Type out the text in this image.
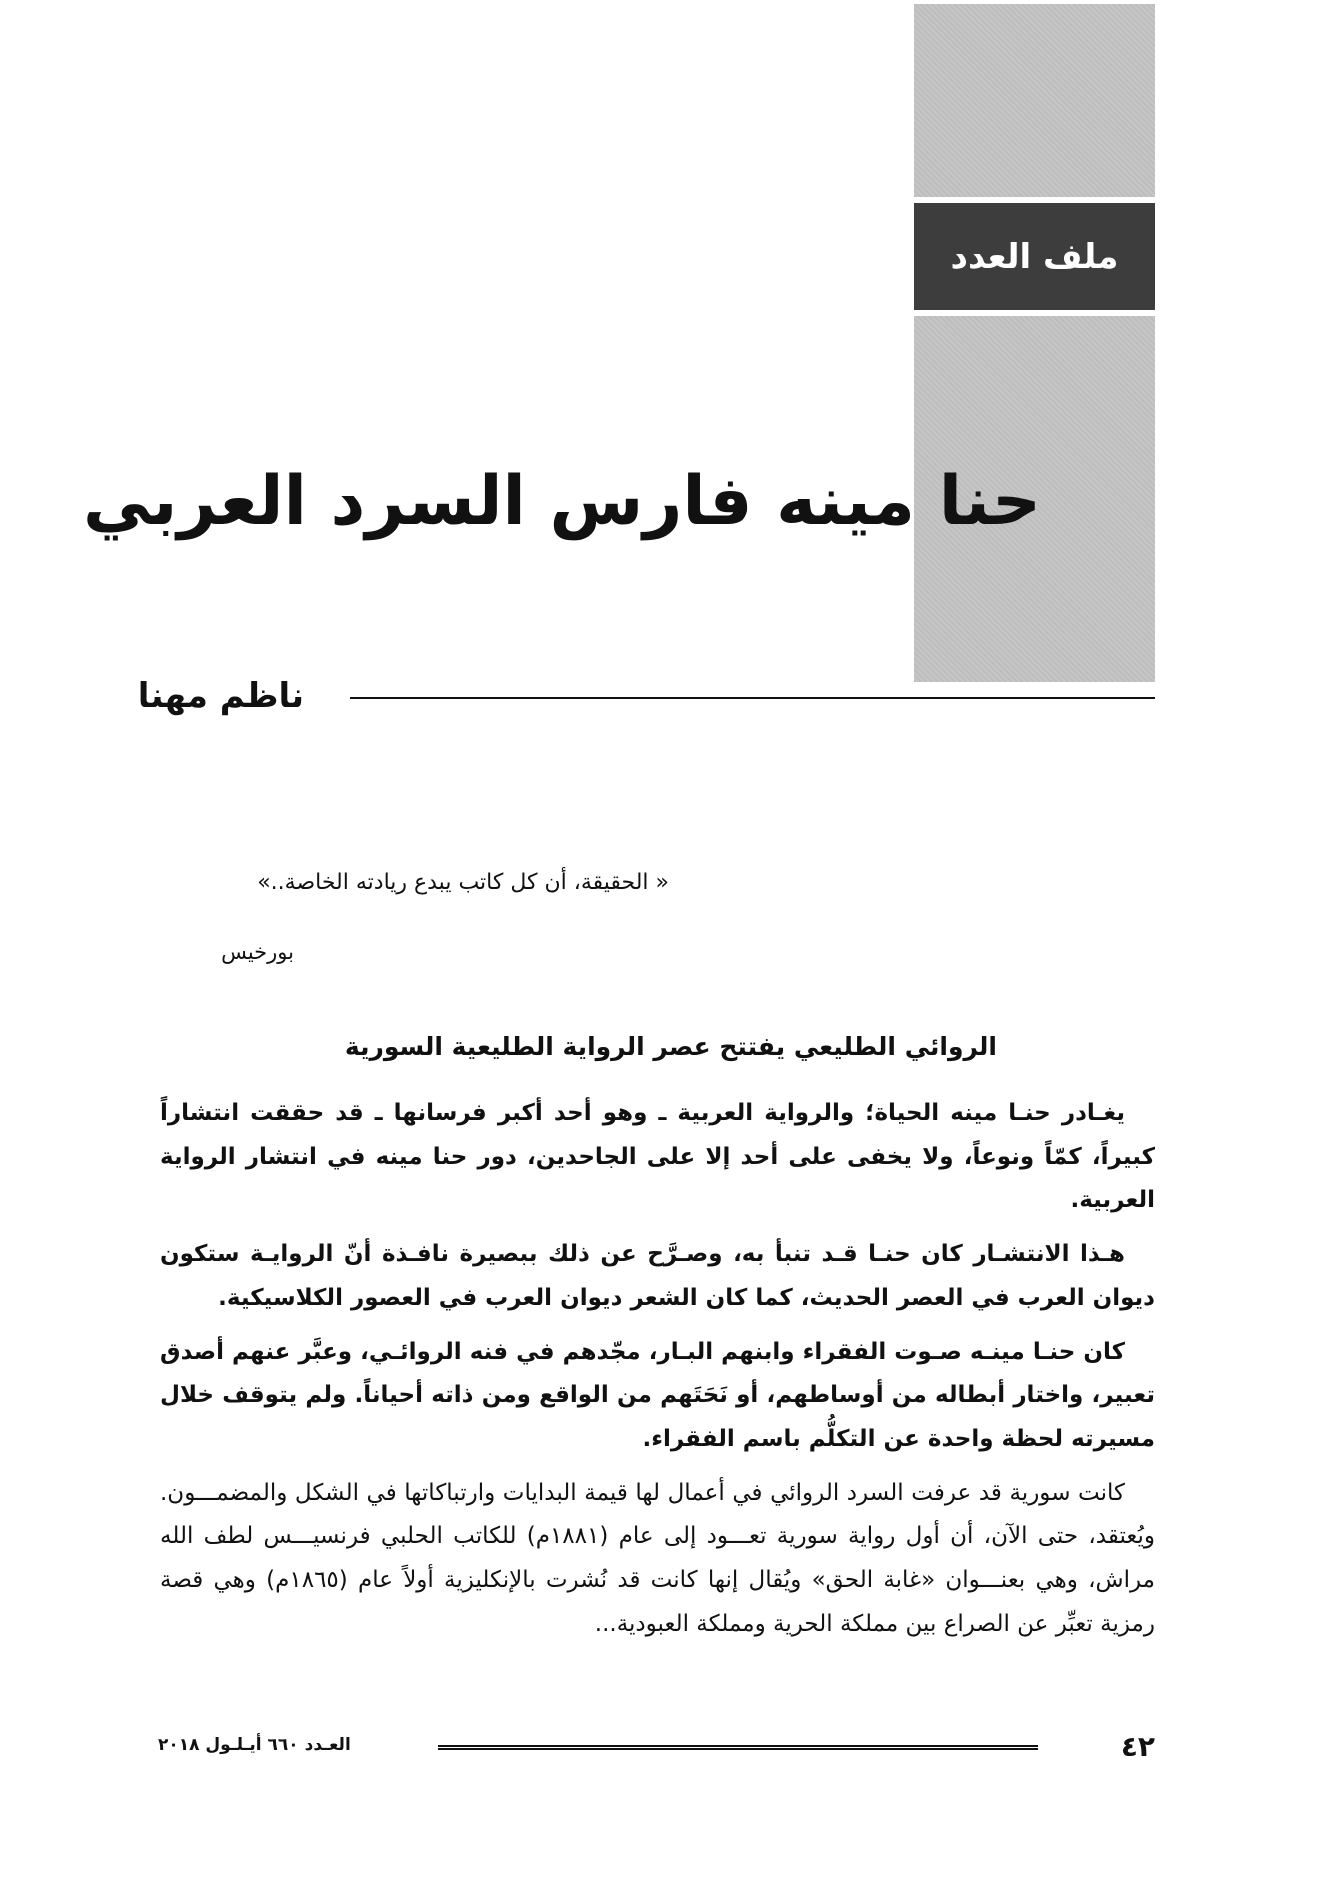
ملف العدد
حنا مينه فارس السرد العربي
ناظم مهنا
« الحقيقة، أن كل كاتب يبدع ريادته الخاصة..»
بورخيس
الروائي الطليعي يفتتح عصر الرواية الطليعية السورية

يغـادر حنـا مينه الحياة؛ والرواية العربية ـ وهو أحد أكبر فرسانها ـ قد حققت انتشاراً كبيراً، كمّاً ونوعاً، ولا يخفى على أحد إلا على الجاحدين، دور حنا مينه في انتشار الرواية العربية.

هـذا الانتشـار كان حنـا قـد تنبأ به، وصـرَّح عن ذلك ببصيرة نافـذة أنّ الروايـة ستكون ديوان العرب في العصر الحديث، كما كان الشعر ديوان العرب في العصور الكلاسيكية.

كان حنـا مينـه صـوت الفقراء وابنهم البـار، مجّدهم في فنه الروائـي، وعبَّر عنهم أصدق تعبير، واختار أبطاله من أوساطهم، أو نَحَتَهم من الواقع ومن ذاته أحياناً. ولم يتوقف خلال مسيرته لحظة واحدة عن التكلُّم باسم الفقراء.

كانت سورية قد عرفت السرد الروائي في أعمال لها قيمة البدايات وارتباكاتها في الشكل والمضمـــون. ويُعتقد، حتى الآن، أن أول رواية سورية تعـــود إلى عام (١٨٨١م) للكاتب الحلبي فرنسيـــس لطف الله مراش، وهي بعنـــوان «غابة الحق» ويُقال إنها كانت قد نُشرت بالإنكليزية أولاً عام (١٨٦٥م) وهي قصة رمزية تعبِّر عن الصراع بين مملكة الحرية ومملكة العبودية...

٤٢
العـدد ٦٦٠ أيـلـول ٢٠١٨
